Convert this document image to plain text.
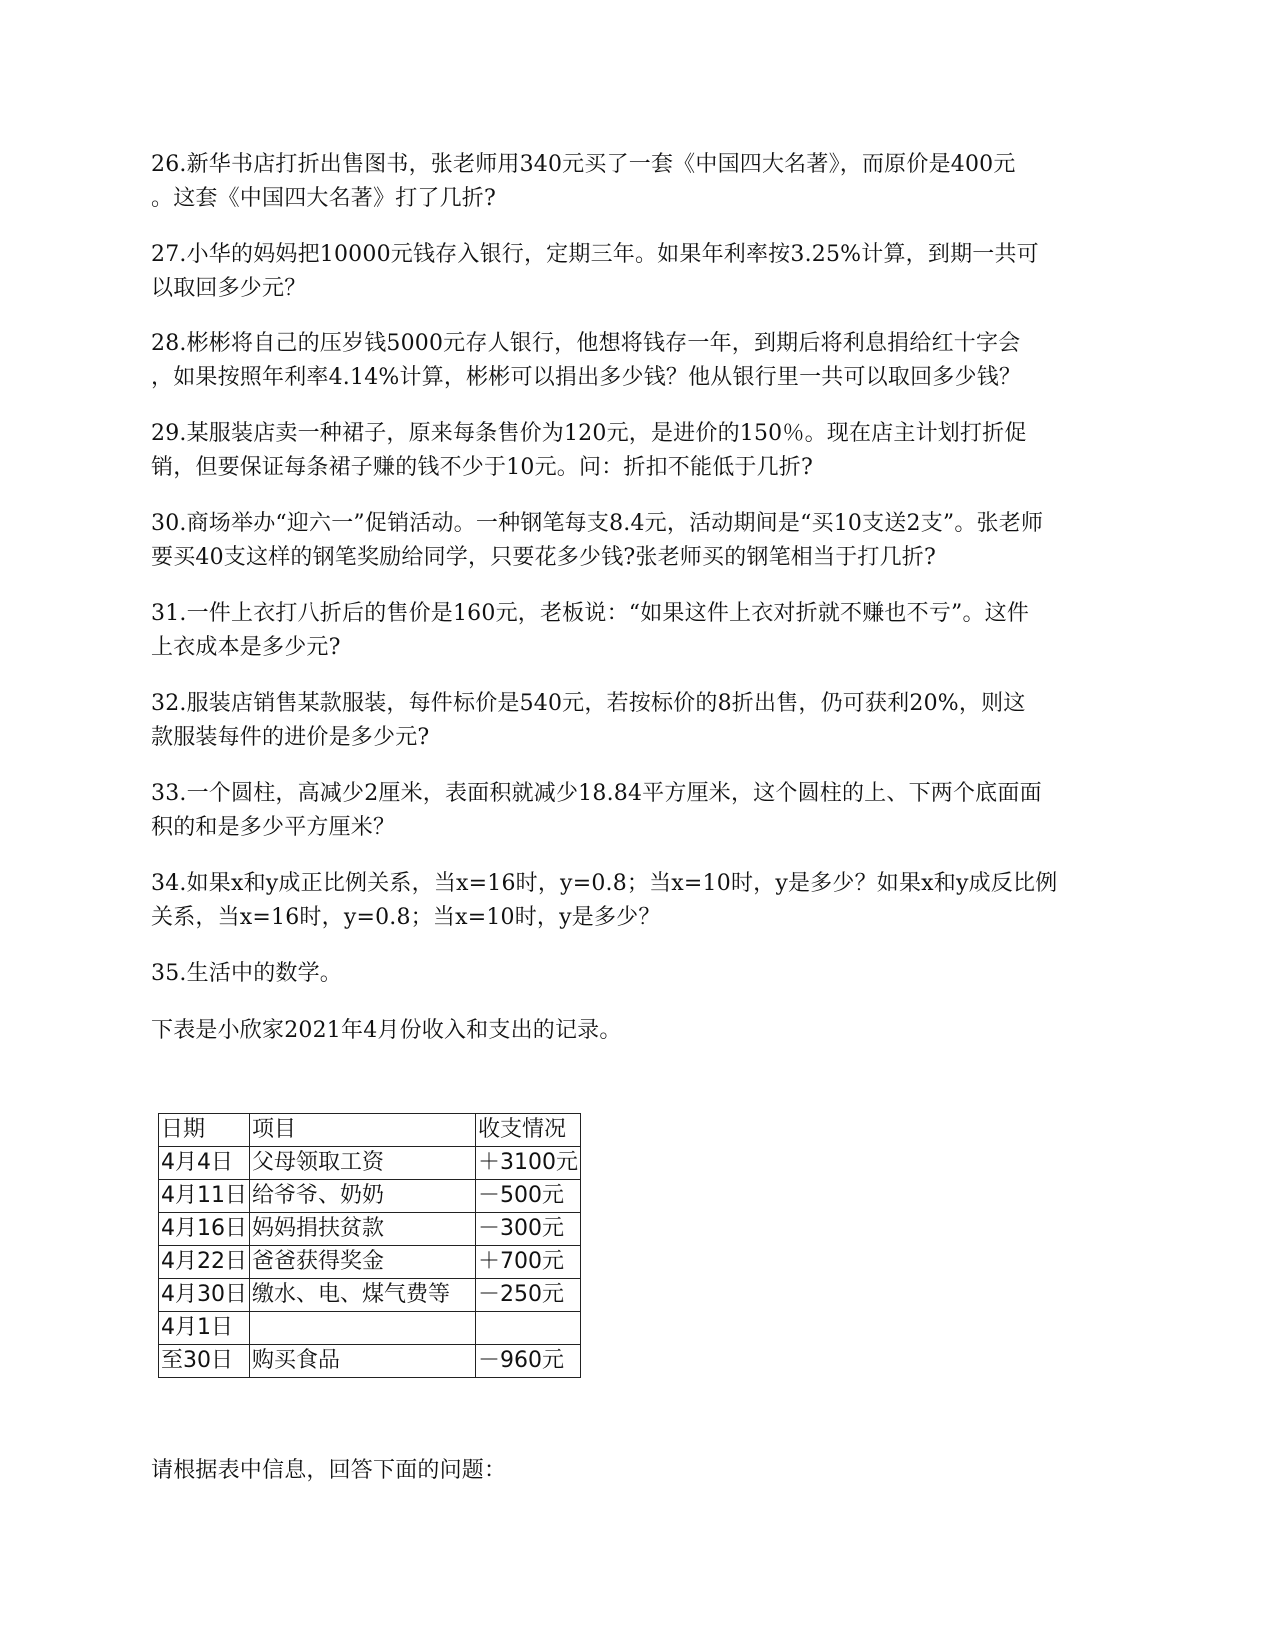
26.新华书店打折出售图书，张老师用340元买了一套《中国四大名著》，而原价是400元
。这套《中国四大名著》打了几折?
27.小华的妈妈把10000元钱存入银行，定期三年。如果年利率按3.25%计算，到期一共可
以取回多少元？
28.彬彬将自己的压岁钱5000元存人银行，他想将钱存一年，到期后将利息捐给红十字会
，如果按照年利率4.14%计算，彬彬可以捐出多少钱？他从银行里一共可以取回多少钱？
29.某服装店卖一种裙子，原来每条售价为120元，是进价的150％。现在店主计划打折促
销，但要保证每条裙子赚的钱不少于10元。问：折扣不能低于几折?
30.商场举办“迎六一”促销活动。一种钢笔每支8.4元，活动期间是“买10支送2支”。张老师
要买40支这样的钢笔奖励给同学，只要花多少钱?张老师买的钢笔相当于打几折?
31.一件上衣打八折后的售价是160元，老板说：“如果这件上衣对折就不赚也不亏”。这件
上衣成本是多少元?
32.服装店销售某款服装，每件标价是540元，若按标价的8折出售，仍可获利20%，则这
款服装每件的进价是多少元?
33.一个圆柱，高减少2厘米，表面积就减少18.84平方厘米，这个圆柱的上、下两个底面面
积的和是多少平方厘米？
34.如果x和y成正比例关系，当x=16时，y=0.8；当x=10时，y是多少？如果x和y成反比例
关系，当x=16时，y=0.8；当x=10时，y是多少？
35.生活中的数学。
下表是小欣家2021年4月份收入和支出的记录。
日期	项目	收支情况
4月4日	父母领取工资	＋3100元
4月11日	给爷爷、奶奶	－500元
4月16日	妈妈捐扶贫款	－300元
4月22日	爸爸获得奖金	＋700元
4月30日	缴水、电、煤气费等	－250元
4月1日		
至30日	购买食品	－960元
请根据表中信息，回答下面的问题：
